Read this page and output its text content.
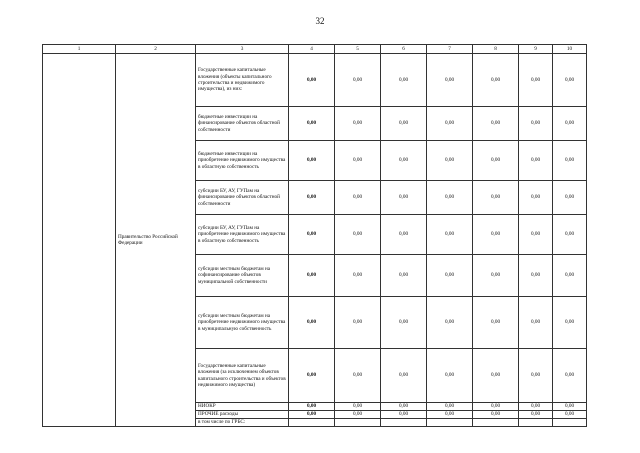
32
1	2	3	4	5	6	7	8	9	10
	Правительство Российской Федерации	Государственные капитальные вложения (объекты капитального строительства и недвижимого имущества), из них:	0,00	0,00	0,00	0,00	0,00	0,00	0,00
		бюджетные инвестиции на финансирование объектов областной собственности	0,00	0,00	0,00	0,00	0,00	0,00	0,00
		бюджетные инвестиции на приобретение недвижимого имущества в областную собственность	0,00	0,00	0,00	0,00	0,00	0,00	0,00
		субсидии БУ, АУ, ГУПам на финансирование объектов областной собственности	0,00	0,00	0,00	0,00	0,00	0,00	0,00
		субсидии БУ, АУ, ГУПам на приобретение недвижимого имущества в областную собственность	0,00	0,00	0,00	0,00	0,00	0,00	0,00
		субсидии местным бюджетам на софинансирование объектов муниципальной собственности	0,00	0,00	0,00	0,00	0,00	0,00	0,00
		субсидии местным бюджетам на приобретение недвижимого имущества в муниципальную собственность	0,00	0,00	0,00	0,00	0,00	0,00	0,00
		Государственные капитальные вложения (за исключением объектов капитального строительства и объектов недвижимого имущества)	0,00	0,00	0,00	0,00	0,00	0,00	0,00
		НИОКР	0,00	0,00	0,00	0,00	0,00	0,00	0,00
		ПРОЧИЕ расходы	0,00	0,00	0,00	0,00	0,00	0,00	0,00
		в том числе по ГРБС:							
